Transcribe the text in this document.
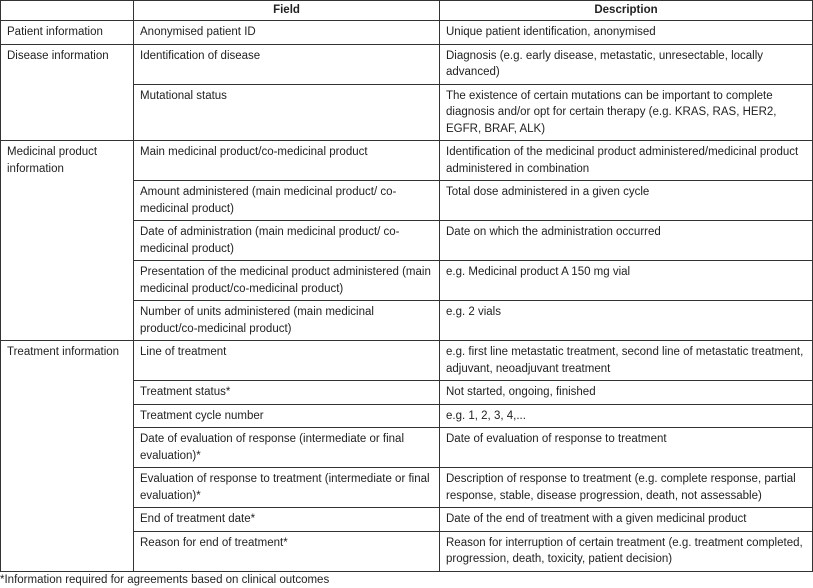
	Field	Description
Patient information	Anonymised patient ID	Unique patient identification, anonymised
Disease information	Identification of disease	Diagnosis (e.g. early disease, metastatic, unresectable, locally advanced)
	Mutational status	The existence of certain mutations can be important to complete diagnosis and/or opt for certain therapy (e.g. KRAS, RAS, HER2, EGFR, BRAF, ALK)
Medicinal product information	Main medicinal product/co-medicinal product	Identification of the medicinal product administered/medicinal product administered in combination
	Amount administered (main medicinal product/ co-medicinal product)	Total dose administered in a given cycle
	Date of administration (main medicinal product/ co-medicinal product)	Date on which the administration occurred
	Presentation of the medicinal product administered (main medicinal product/co-medicinal product)	e.g. Medicinal product A 150 mg vial
	Number of units administered (main medicinal product/co-medicinal product)	e.g. 2 vials
Treatment information	Line of treatment	e.g. first line metastatic treatment, second line of metastatic treatment, adjuvant, neoadjuvant treatment
	Treatment status*	Not started, ongoing, finished
	Treatment cycle number	e.g. 1, 2, 3, 4,...
	Date of evaluation of response (intermediate or final evaluation)*	Date of evaluation of response to treatment
	Evaluation of response to treatment (intermediate or final evaluation)*	Description of response to treatment (e.g. complete response, partial response, stable, disease progression, death, not assessable)
	End of treatment date*	Date of the end of treatment with a given medicinal product
	Reason for end of treatment*	Reason for interruption of certain treatment (e.g. treatment completed, progression, death, toxicity, patient decision)

*Information required for agreements based on clinical outcomes
